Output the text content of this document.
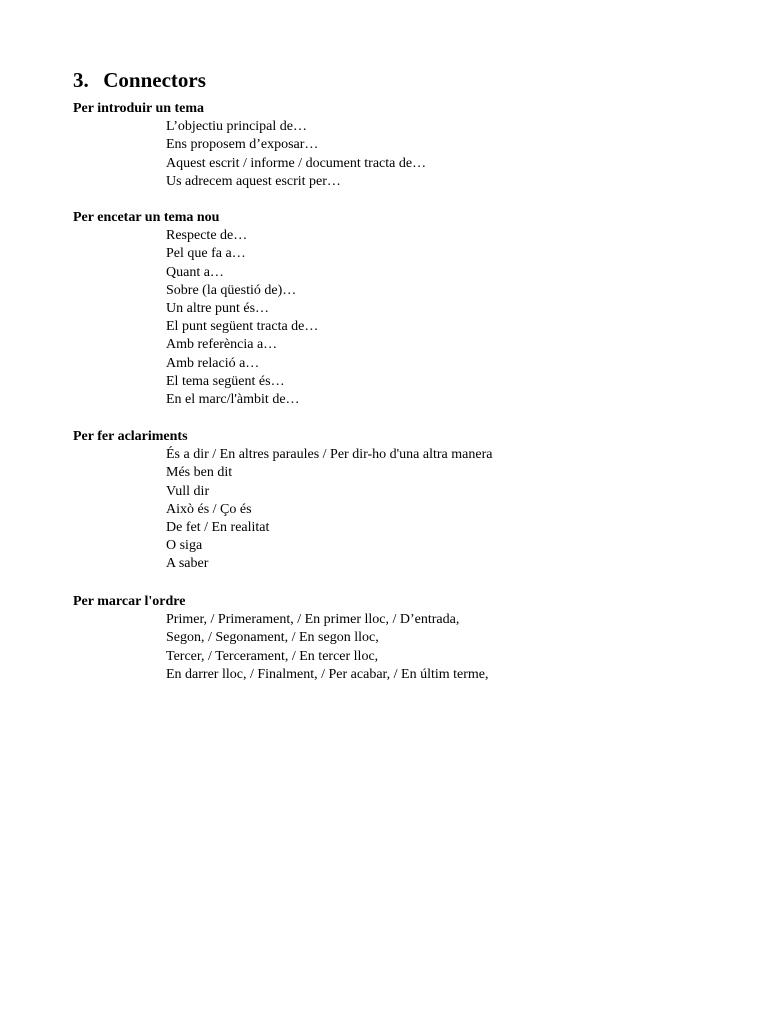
3. Connectors
Per introduir un tema
L’objectiu principal de…
Ens proposem d’exposar…
Aquest escrit / informe / document tracta de…
Us adrecem aquest escrit per…
Per encetar un tema nou
Respecte de…
Pel que fa a…
Quant a…
Sobre (la qüestió de)…
Un altre punt és…
El punt següent tracta de…
Amb referència a…
Amb relació a…
El tema següent és…
En el marc/l'àmbit de…
Per fer aclariments
És a dir / En altres paraules / Per dir-ho d'una altra manera
Més ben dit
Vull dir
Això és / Ço és
De fet / En realitat
O siga
A saber
Per marcar l'ordre
Primer, / Primerament, / En primer lloc, / D’entrada,
Segon, / Segonament, / En segon lloc,
Tercer, / Tercerament, / En tercer lloc,
En darrer lloc, / Finalment, / Per acabar, / En últim terme,
